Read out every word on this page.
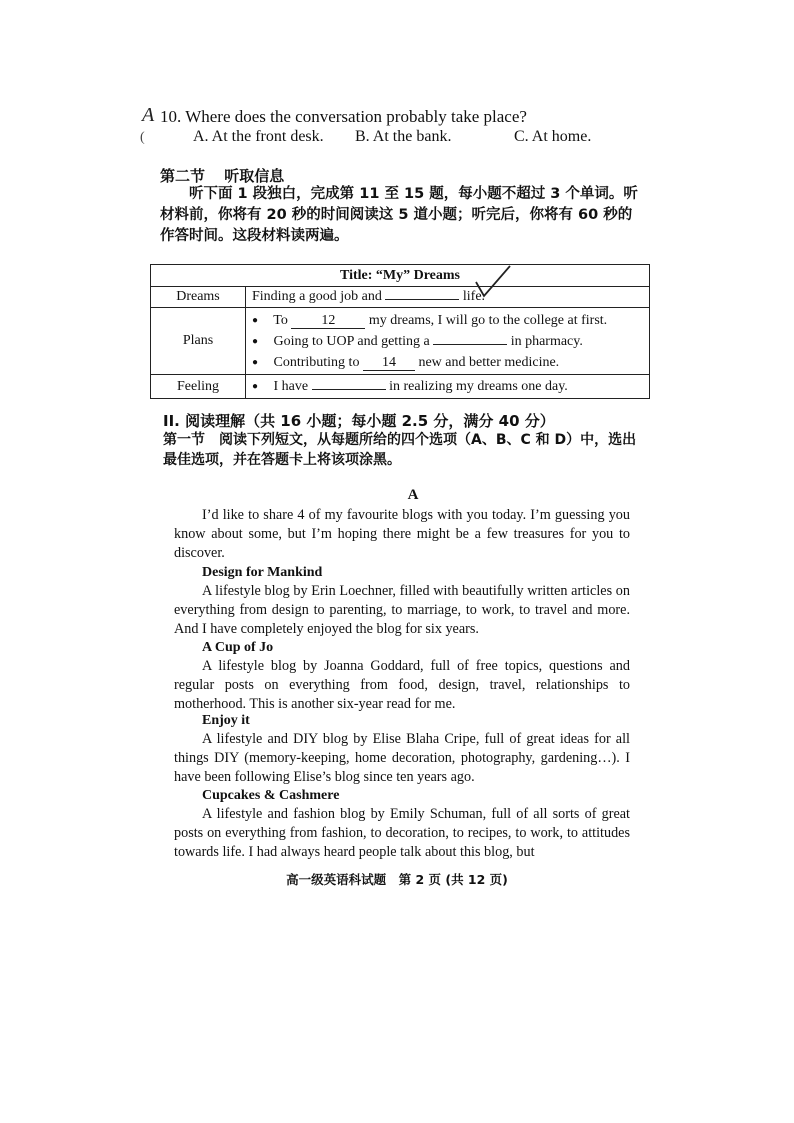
A
(
10. Where does the conversation probably take place?
A. At the front desk. B. At the bank.	C. At home.
第二节 听取信息
听下面 1 段独白，完成第 11 至 15 题，每小题不超过 3 个单词。听材料前，你将有 20 秒的时间阅读这 5 道小题；听完后，你将有 60 秒的作答时间。这段材料读两遍。
Title: “My” Dreams	
Dreams	Finding a good job and life.
Plans	● To 12 my dreams, I will go to the college at first.
● Going to UOP and getting a in pharmacy.
● Contributing to 14 new and better medicine.

Feeling	● I have in realizing my dreams one day.
II. 阅读理解（共 16 小题；每小题 2.5 分，满分 40 分）
第一节　阅读下列短文，从每题所给的四个选项（A、B、C 和 D）中，选出最佳选项，并在答题卡上将该项涂黑。
A
I’d like to share 4 of my favourite blogs with you today. I’m guessing you know about some, but I’m hoping there might be a few treasures for you to discover.
Design for Mankind
A lifestyle blog by Erin Loechner, filled with beautifully written articles on everything from design to parenting, to marriage, to work, to travel and more. And I have completely enjoyed the blog for six years.
A Cup of Jo
A lifestyle blog by Joanna Goddard, full of free topics, questions and regular posts on everything from food, design, travel, relationships to motherhood. This is another six-year read for me.
Enjoy it
A lifestyle and DIY blog by Elise Blaha Cripe, full of great ideas for all things DIY (memory-keeping, home decoration, photography, gardening…). I have been following Elise’s blog since ten years ago.
Cupcakes & Cashmere
A lifestyle and fashion blog by Emily Schuman, full of all sorts of great posts on everything from fashion, to decoration, to recipes, to work, to attitudes towards life. I had always heard people talk about this blog, but
高一级英语科试题　第 2 页 (共 12 页)
